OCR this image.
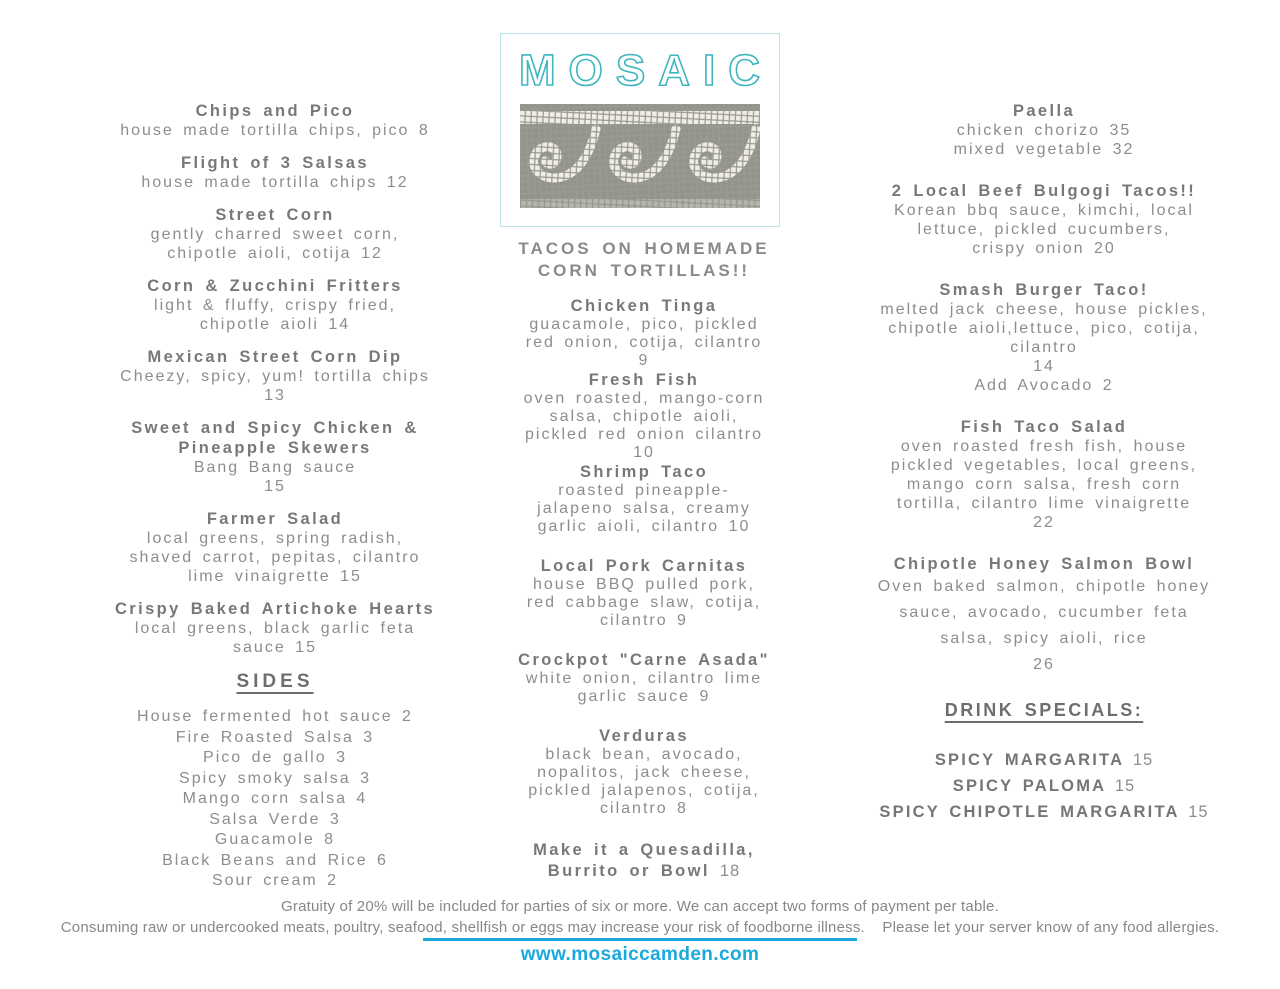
MOSAIC
Chips and Pico
house made tortilla chips, pico 8
Flight of 3 Salsas
house made tortilla chips 12
Street Corn
gently charred sweet corn,
chipotle aioli, cotija 12
Corn & Zucchini Fritters
light & fluffy, crispy fried,
chipotle aioli 14
Mexican Street Corn Dip
Cheezy, spicy, yum! tortilla chips
13
Sweet and Spicy Chicken &
Pineapple Skewers
Bang Bang sauce
15
Farmer Salad
local greens, spring radish,
shaved carrot, pepitas, cilantro
lime vinaigrette 15
Crispy Baked Artichoke Hearts
local greens, black garlic feta
sauce 15
SIDES
House fermented hot sauce 2
Fire Roasted Salsa 3
Pico de gallo 3
Spicy smoky salsa 3
Mango corn salsa 4
Salsa Verde 3
Guacamole 8
Black Beans and Rice 6
Sour cream 2
TACOS ON HOMEMADE
CORN TORTILLAS!!
Chicken Tinga
guacamole, pico, pickled
red onion, cotija, cilantro
9
Fresh Fish
oven roasted, mango-corn
salsa, chipotle aioli,
pickled red onion cilantro
10
Shrimp Taco
roasted pineapple-
jalapeno salsa, creamy
garlic aioli, cilantro 10
Local Pork Carnitas
house BBQ pulled pork,
red cabbage slaw, cotija,
cilantro 9
Crockpot "Carne Asada"
white onion, cilantro lime
garlic sauce 9
Verduras
black bean, avocado,
nopalitos, jack cheese,
pickled jalapenos, cotija,
cilantro 8
Make it a Quesadilla,
Burrito or Bowl 18
Paella
chicken chorizo 35
mixed vegetable 32
2 Local Beef Bulgogi Tacos!!
Korean bbq sauce, kimchi, local
lettuce, pickled cucumbers,
crispy onion 20
Smash Burger Taco!
melted jack cheese, house pickles,
chipotle aioli,lettuce, pico, cotija,
cilantro
14
Add Avocado 2
Fish Taco Salad
oven roasted fresh fish, house
pickled vegetables, local greens,
mango corn salsa, fresh corn
tortilla, cilantro lime vinaigrette
22
Chipotle Honey Salmon Bowl
Oven baked salmon, chipotle honey
sauce, avocado, cucumber feta
salsa, spicy aioli, rice
26
DRINK SPECIALS:
SPICY MARGARITA 15
SPICY PALOMA 15
SPICY CHIPOTLE MARGARITA 15
Gratuity of 20% will be included for parties of six or more. We can accept two forms of payment per table.
Consuming raw or undercooked meats, poultry, seafood, shellfish or eggs may increase your risk of foodborne illness.    Please let your server know of any food allergies.
www.mosaiccamden.com
